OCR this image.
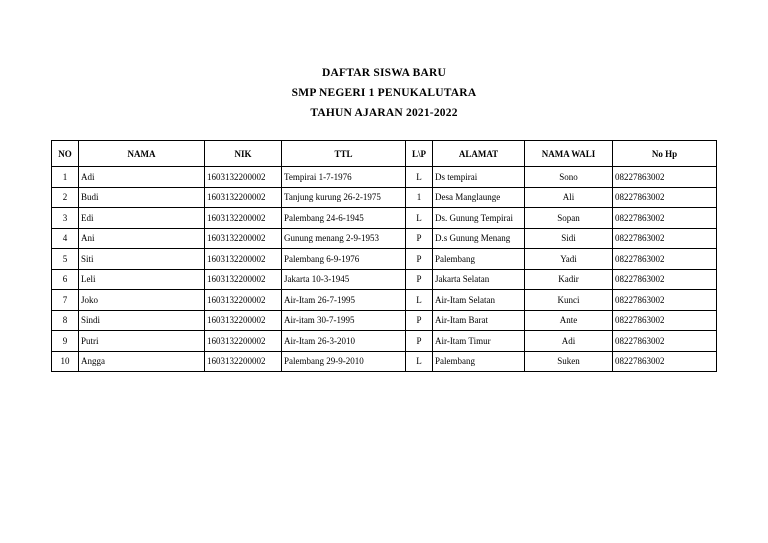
DAFTAR SISWA BARU
SMP NEGERI 1 PENUKALUTARA
TAHUN AJARAN 2021-2022
NO	NAMA	NIK	TTL	L\P	ALAMAT	NAMA WALI	No Hp
1	Adi	1603132200002	Tempirai 1-7-1976	L	Ds tempirai	Sono	08227863002
2	Budi	1603132200002	Tanjung kurung 26-2-1975	1	Desa Manglaunge	Ali	08227863002
3	Edi	1603132200002	Palembang 24-6-1945	L	Ds. Gunung Tempirai	Sopan	08227863002
4	Ani	1603132200002	Gunung menang 2-9-1953	P	D.s Gunung Menang	Sidi	08227863002
5	Siti	1603132200002	Palembang 6-9-1976	P	Palembang	Yadi	08227863002
6	Leli	1603132200002	Jakarta 10-3-1945	P	Jakarta Selatan	Kadir	08227863002
7	Joko	1603132200002	Air-Itam 26-7-1995	L	Air-Itam Selatan	Kunci	08227863002
8	Sindi	1603132200002	Air-itam 30-7-1995	P	Air-Itam Barat	Ante	08227863002
9	Putri	1603132200002	Air-Itam 26-3-2010	P	Air-Itam Timur	Adi	08227863002
10	Angga	1603132200002	Palembang 29-9-2010	L	Palembang	Suken	08227863002
